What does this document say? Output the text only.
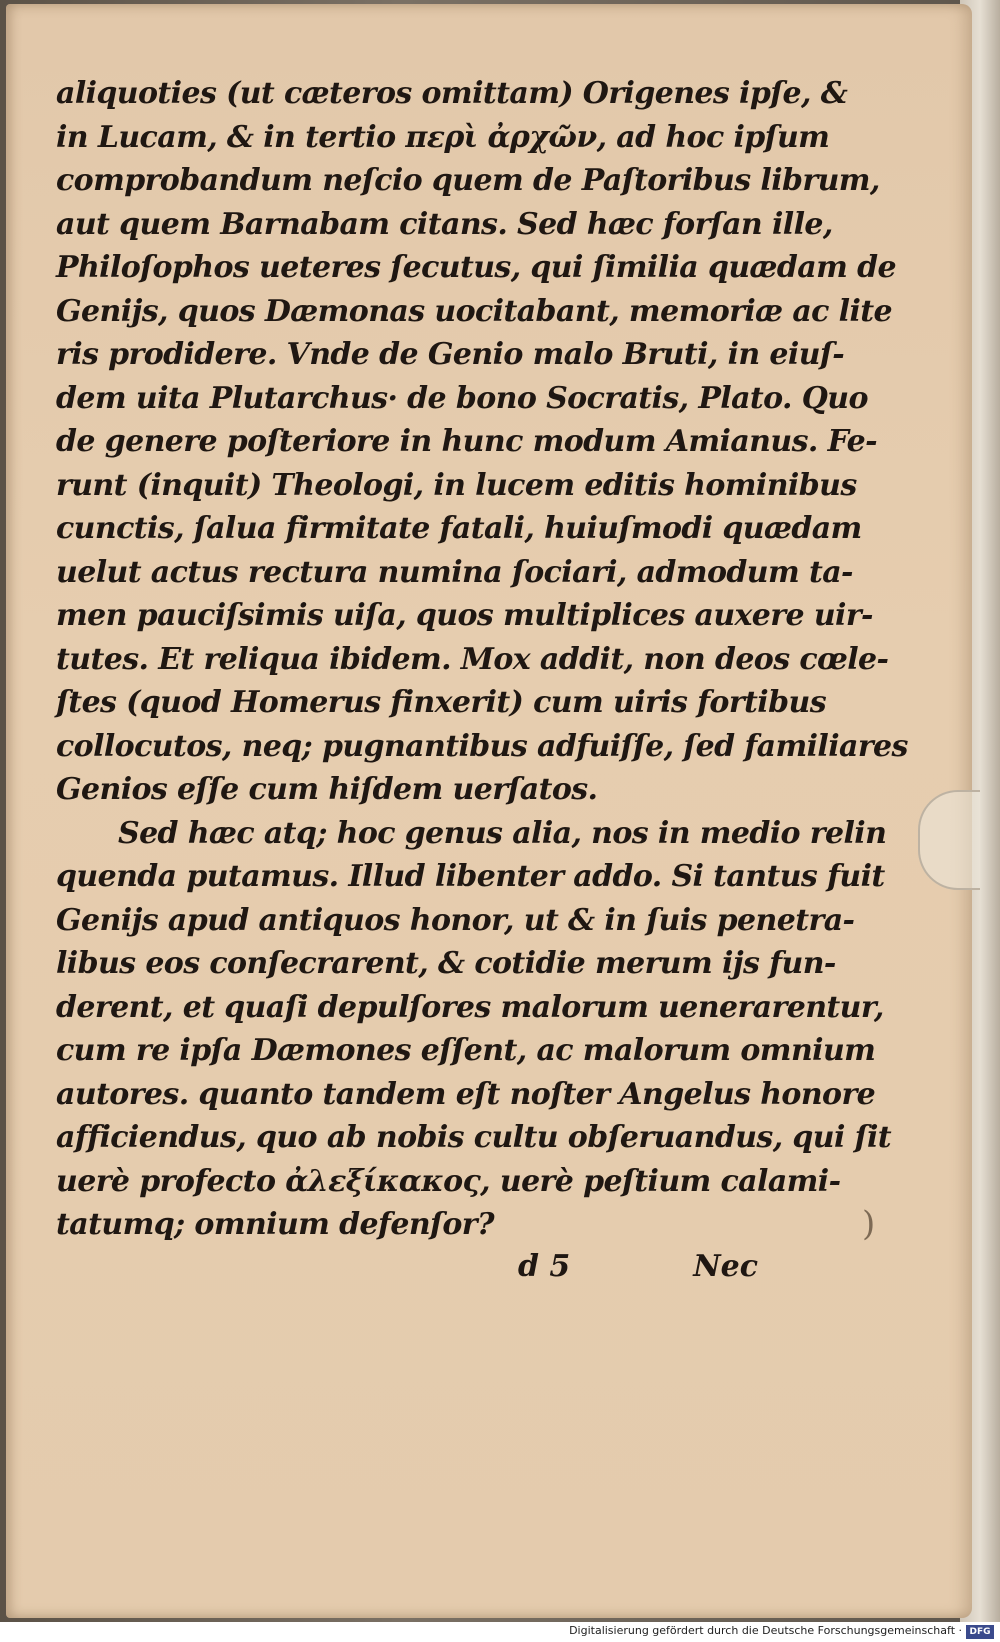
aliquoties (ut cæteros omittam) Origenes ipſe, &
in Lucam, & in tertio περὶ ἀρχῶν, ad hoc ipſum
comprobandum neſcio quem de Paſtoribus librum,
aut quem Barnabam citans. Sed hæc forſan ille,
Philoſophos ueteres ſecutus, qui ſimilia quædam de
Genijs, quos Dæmonas uocitabant, memoriæ ac lite
ris prodidere. Vnde de Genio malo Bruti, in eiuſ-
dem uita Plutarchus· de bono Socratis, Plato. Quo
de genere poſteriore in hunc modum Amianus. Fe-
runt (inquit) Theologi, in lucem editis hominibus
cunctis, ſalua firmitate fatali, huiuſmodi quædam
uelut actus rectura numina ſociari, admodum ta-
men pauciſsimis uiſa, quos multiplices auxere uir-
tutes. Et reliqua ibidem. Mox addit, non deos cœle-
ſtes (quod Homerus finxerit) cum uiris fortibus
collocutos, neq; pugnantibus adfuiſſe, ſed familiares
Genios eſſe cum hiſdem uerſatos.
Sed hæc atq; hoc genus alia, nos in medio relin
quenda putamus. Illud libenter addo. Si tantus fuit
Genijs apud antiquos honor, ut & in ſuis penetra-
libus eos conſecrarent, & cotidie merum ijs fun-
derent, et quaſi depulſores malorum uenerarentur,
cum re ipſa Dæmones eſſent, ac malorum omnium
autores. quanto tandem eſt noſter Angelus honore
afficiendus, quo ab nobis cultu obſeruandus, qui ſit
uerè profecto ἀλεξίκακος, uerè peſtium calami-
tatumq; omnium defenſor?
d 5	Nec
)
Digitalisierung gefördert durch die Deutsche Forschungsgemeinschaft · DFG
